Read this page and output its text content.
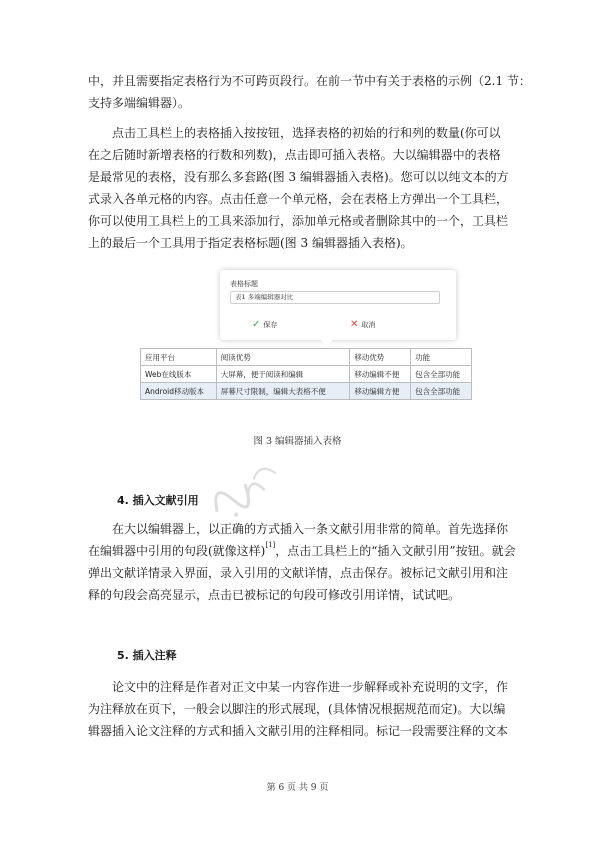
中，并且需要指定表格行为不可跨页段行。在前一节中有关于表格的示例（2.1 节：
支持多端编辑器）。

点击工具栏上的表格插入按按钮，选择表格的初始的行和列的数量(你可以
在之后随时新增表格的行数和列数)，点击即可插入表格。大以编辑器中的表格
是最常见的表格，没有那么多套路(图 3 编辑器插入表格)。您可以以纯文本的方
式录入各单元格的内容。点击任意一个单元格，会在表格上方弹出一个工具栏，
你可以使用工具栏上的工具来添加行，添加单元格或者删除其中的一个，工具栏
上的最后一个工具用于指定表格标题(图 3 编辑器插入表格)。

表格标题
表1 多端编辑器对比
✓ 保存	✕ 取消
应用平台	阅读优势	移动优势	功能
Web在线版本	大屏幕，便于阅读和编辑	移动编辑不便	包含全部功能
Android移动版本	屏幕尺寸限制，编辑大表格不便	移动编辑方便	包含全部功能

图 3 编辑器插入表格

4. 插入文献引用

在大以编辑器上，以正确的方式插入一条文献引用非常的简单。首先选择你
在编辑器中引用的句段(就像这样)[1]，点击工具栏上的“插入文献引用”按钮。就会
弹出文献详情录入界面，录入引用的文献详情，点击保存。被标记文献引用和注
释的句段会高亮显示，点击已被标记的句段可修改引用详情，试试吧。

5. 插入注释

论文中的注释是作者对正文中某一内容作进一步解释或补充说明的文字，作
为注释放在页下，一般会以脚注的形式展现，(具体情况根据规范而定)。大以编
辑器插入论文注释的方式和插入文献引用的注释相同。标记一段需要注释的文本

第 6 页 共 9 页
